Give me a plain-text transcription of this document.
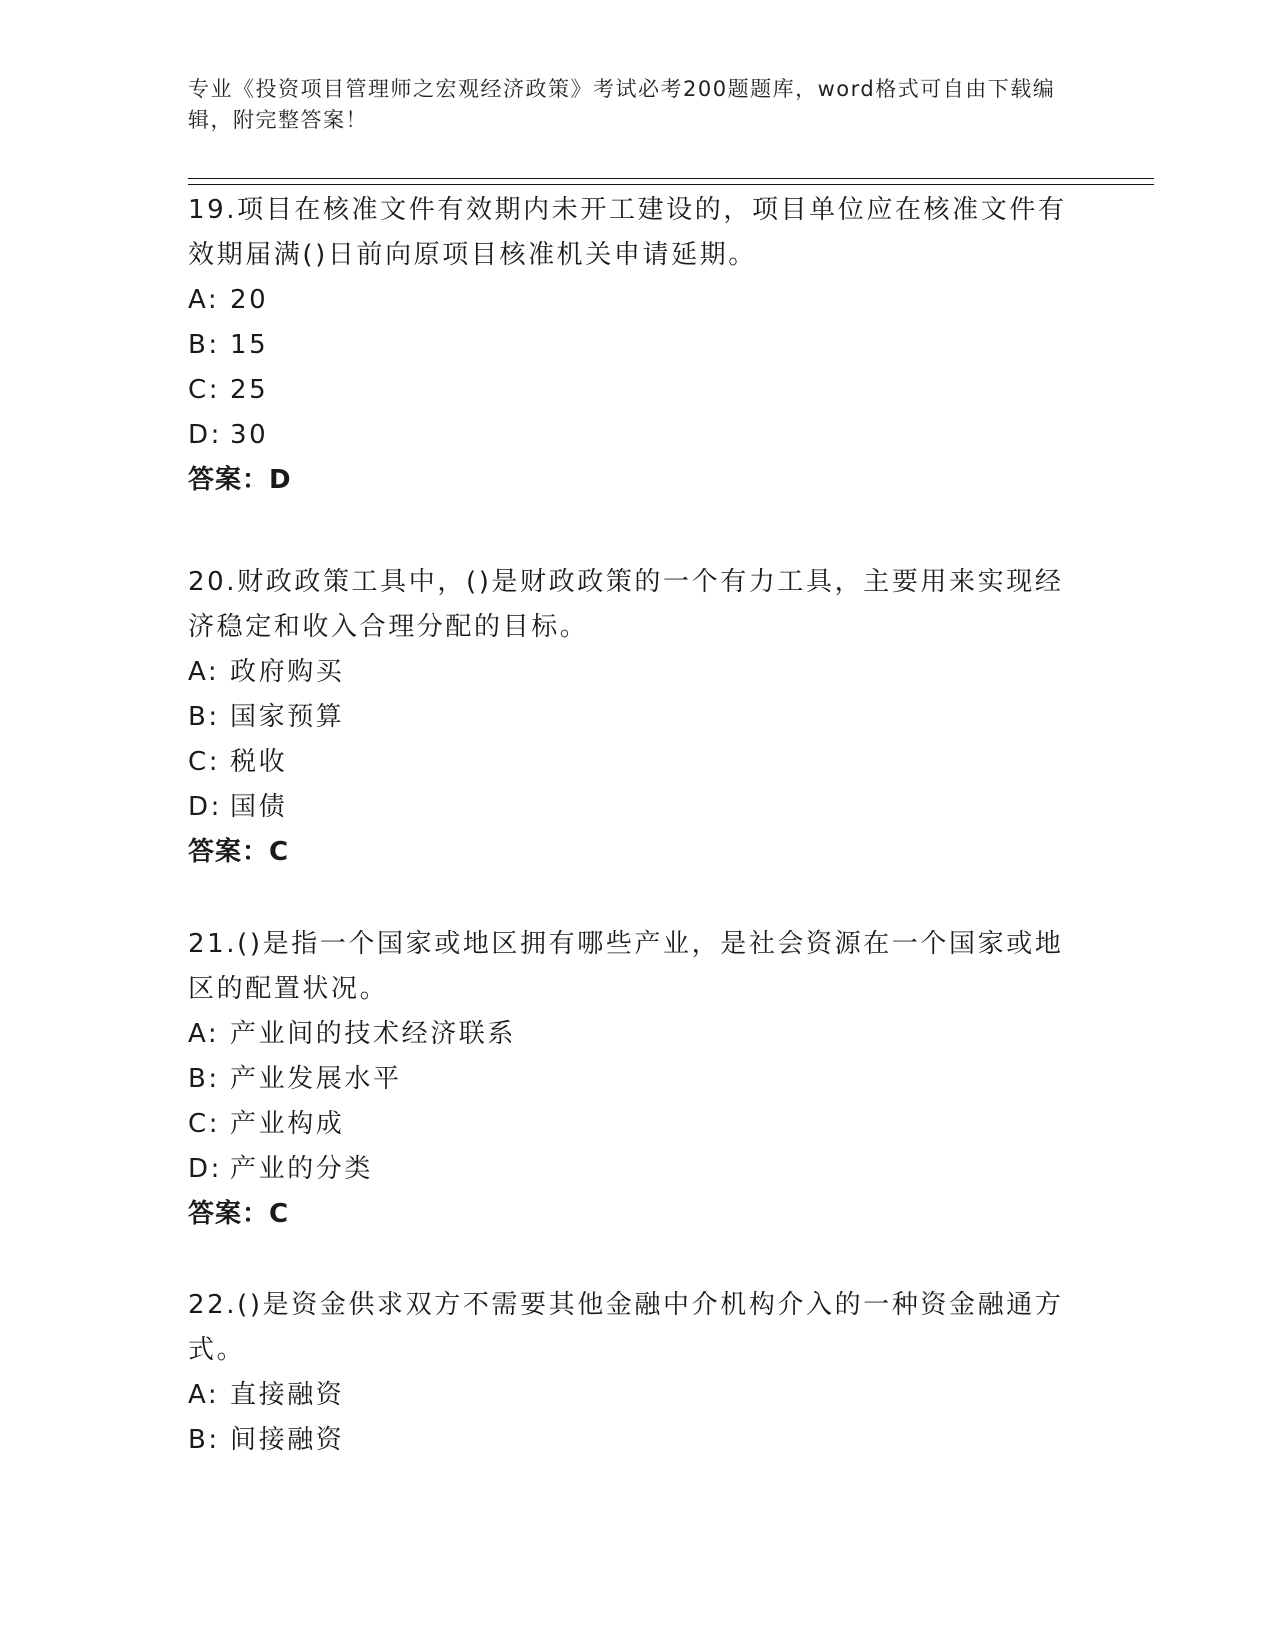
专业《投资项目管理师之宏观经济政策》考试必考200题题库，word格式可自由下载编辑，附完整答案！

19.项目在核准文件有效期内未开工建设的，项目单位应在核准文件有效期届满()日前向原项目核准机关申请延期。

A: 20

B: 15

C: 25

D: 30

答案：D

20.财政政策工具中，()是财政政策的一个有力工具，主要用来实现经济稳定和收入合理分配的目标。

A: 政府购买

B: 国家预算

C: 税收

D: 国债

答案：C

21.()是指一个国家或地区拥有哪些产业，是社会资源在一个国家或地区的配置状况。

A: 产业间的技术经济联系

B: 产业发展水平

C: 产业构成

D: 产业的分类

答案：C

22.()是资金供求双方不需要其他金融中介机构介入的一种资金融通方式。

A: 直接融资

B: 间接融资
